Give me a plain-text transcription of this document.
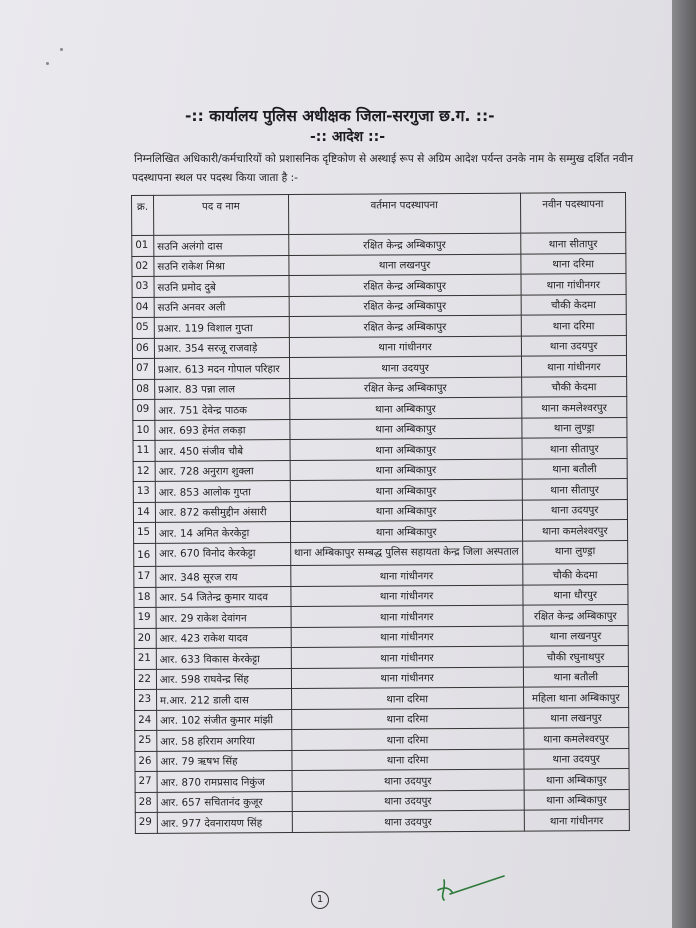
-:: कार्यालय पुलिस अधीक्षक जिला-सरगुजा छ.ग. ::-
-:: आदेश ::-
निम्नलिखित अधिकारी/कर्मचारियों को प्रशासनिक दृष्टिकोण से अस्थाई रूप से अग्रिम आदेश पर्यन्त उनके नाम के सम्मुख दर्शित नवीन पदस्थापना स्थल पर पदस्थ किया जाता है :-
क्र.	पद व नाम	वर्तमान पदस्थापना	नवीन पदस्थापना
01	सउनि अलंगो दास	रक्षित केन्द्र अम्बिकापुर	थाना सीतापुर
02	सउनि राकेश मिश्रा	थाना लखनपुर	थाना दरिमा
03	सउनि प्रमोद दुबे	रक्षित केन्द्र अम्बिकापुर	थाना गांधीनगर
04	सउनि अनवर अली	रक्षित केन्द्र अम्बिकापुर	चौकी केदमा
05	प्रआर. 119 विशाल गुप्ता	रक्षित केन्द्र अम्बिकापुर	थाना दरिमा
06	प्रआर. 354 सरजू राजवाड़े	थाना गांधीनगर	थाना उदयपुर
07	प्रआर. 613 मदन गोपाल परिहार	थाना उदयपुर	थाना गांधीनगर
08	प्रआर. 83 पन्ना लाल	रक्षित केन्द्र अम्बिकापुर	चौकी केदमा
09	आर. 751 देवेन्द्र पाठक	थाना अम्बिकापुर	थाना कमलेश्वरपुर
10	आर. 693 हेमंत लकड़ा	थाना अम्बिकापुर	थाना लुण्ड्रा
11	आर. 450 संजीव चौबे	थाना अम्बिकापुर	थाना सीतापुर
12	आर. 728 अनुराग शुक्ला	थाना अम्बिकापुर	थाना बतौली
13	आर. 853 आलोक गुप्ता	थाना अम्बिकापुर	थाना सीतापुर
14	आर. 872 कसीमुद्दीन अंसारी	थाना अम्बिकापुर	थाना उदयपुर
15	आर. 14 अमित केरकेट्टा	थाना अम्बिकापुर	थाना कमलेश्वरपुर
16	आर. 670 विनोद केरकेट्टा	थाना अम्बिकापुर सम्बद्ध पुलिस सहायता केन्द्र जिला अस्पताल	थाना लुण्ड्रा
17	आर. 348 सूरज राय	थाना गांधीनगर	चौकी केदमा
18	आर. 54 जितेन्द्र कुमार यादव	थाना गांधीनगर	थाना धौरपुर
19	आर. 29 राकेश देवांगन	थाना गांधीनगर	रक्षित केन्द्र अम्बिकापुर
20	आर. 423 राकेश यादव	थाना गांधीनगर	थाना लखनपुर
21	आर. 633 विकास केरकेट्टा	थाना गांधीनगर	चौकी रघुनाथपुर
22	आर. 598 राघवेन्द्र सिंह	थाना गांधीनगर	थाना बतौली
23	म.आर. 212 डाली दास	थाना दरिमा	महिला थाना अम्बिकापुर
24	आर. 102 संजीत कुमार मांझी	थाना दरिमा	थाना लखनपुर
25	आर. 58 हरिराम अगरिया	थाना दरिमा	थाना कमलेश्वरपुर
26	आर. 79 ऋषभ सिंह	थाना दरिमा	थाना उदयपुर
27	आर. 870 रामप्रसाद निकुंज	थाना उदयपुर	थाना अम्बिकापुर
28	आर. 657 सचितानंद कुजूर	थाना उदयपुर	थाना अम्बिकापुर
29	आर. 977 देवनारायण सिंह	थाना उदयपुर	थाना गांधीनगर
1
